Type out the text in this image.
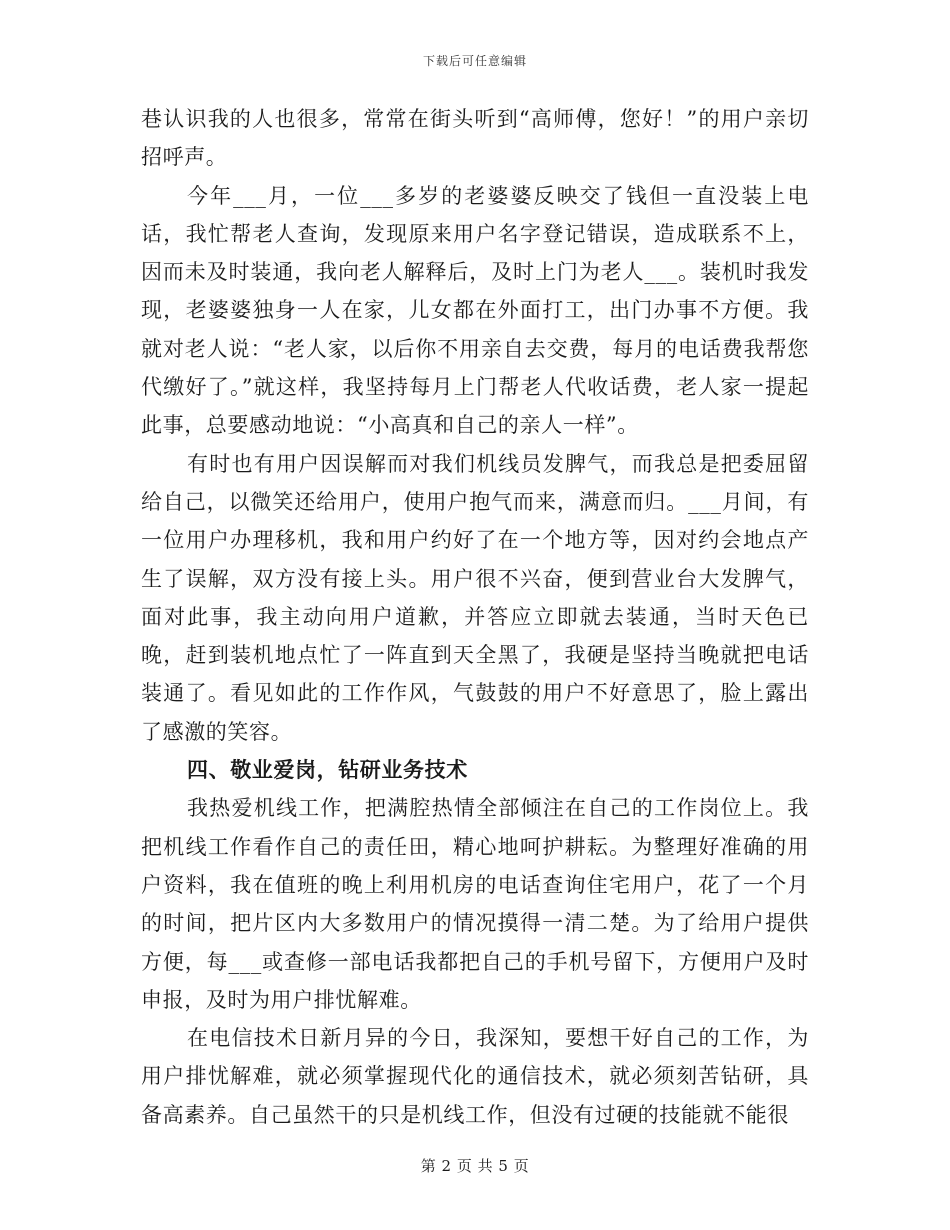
下载后可任意编辑

巷认识我的人也很多，常常在街头听到“高师傅，您好！”的用户亲切招呼声。

今年___月，一位___多岁的老婆婆反映交了钱但一直没装上电话，我忙帮老人查询，发现原来用户名字登记错误，造成联系不上，因而未及时装通，我向老人解释后，及时上门为老人___。装机时我发现，老婆婆独身一人在家，儿女都在外面打工，出门办事不方便。我就对老人说：“老人家，以后你不用亲自去交费，每月的电话费我帮您代缴好了。”就这样，我坚持每月上门帮老人代收话费，老人家一提起此事，总要感动地说：“小高真和自己的亲人一样”。

有时也有用户因误解而对我们机线员发脾气，而我总是把委屈留给自己，以微笑还给用户，使用户抱气而来，满意而归。___月间，有一位用户办理移机，我和用户约好了在一个地方等，因对约会地点产生了误解，双方没有接上头。用户很不兴奋，便到营业台大发脾气，面对此事，我主动向用户道歉，并答应立即就去装通，当时天色已晚，赶到装机地点忙了一阵直到天全黑了，我硬是坚持当晚就把电话装通了。看见如此的工作作风，气鼓鼓的用户不好意思了，脸上露出了感激的笑容。

四、敬业爱岗，钻研业务技术

我热爱机线工作，把满腔热情全部倾注在自己的工作岗位上。我把机线工作看作自己的责任田，精心地呵护耕耘。为整理好准确的用户资料，我在值班的晚上利用机房的电话查询住宅用户，花了一个月的时间，把片区内大多数用户的情况摸得一清二楚。为了给用户提供方便，每___或查修一部电话我都把自己的手机号留下，方便用户及时申报，及时为用户排忧解难。

在电信技术日新月异的今日，我深知，要想干好自己的工作，为用户排忧解难，就必须掌握现代化的通信技术，就必须刻苦钻研，具备高素养。自己虽然干的只是机线工作，但没有过硬的技能就不能很

第 2 页 共 5 页
